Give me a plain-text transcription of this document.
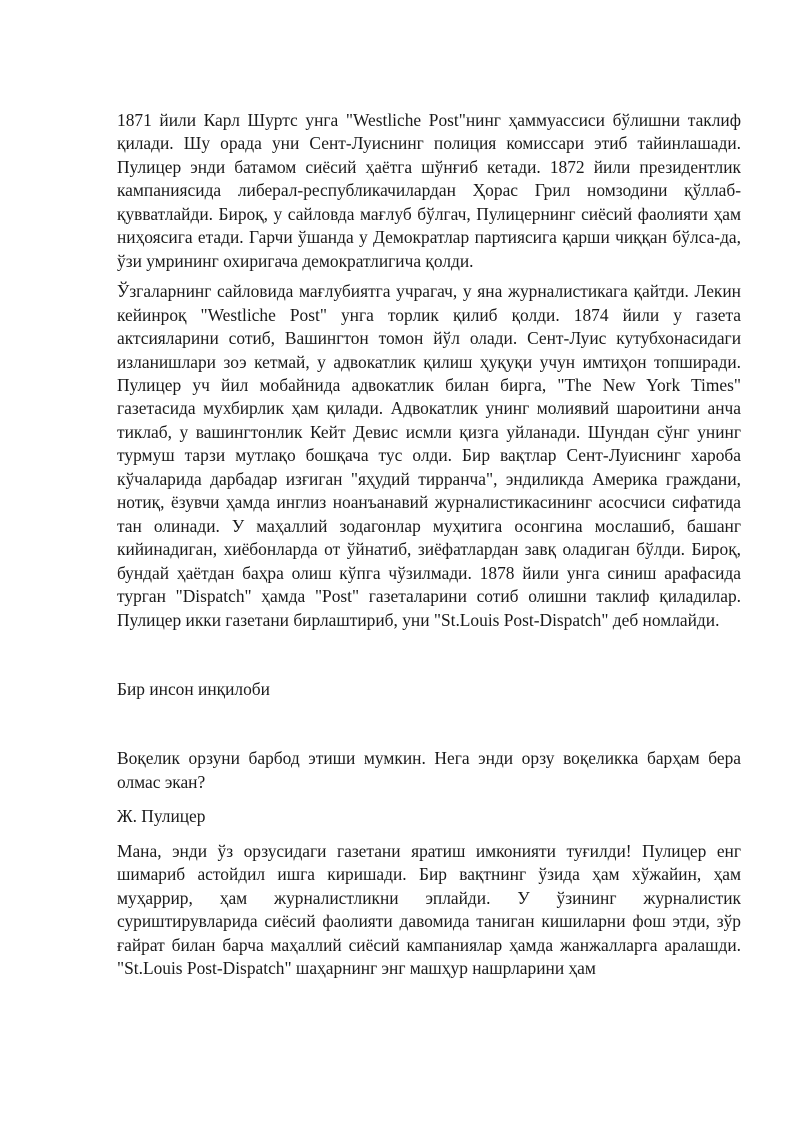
1871 йили Карл Шуртс унга "Westliche Post"нинг ҳаммуассиси бўлишни таклиф қилади. Шу орада уни Сент-Луиснинг полиция комиссари этиб тайинлашади. Пулицер энди батамом сиёсий ҳаётга шўнғиб кетади. 1872 йили президентлик кампаниясида либерал-республикачилардан Ҳорас Грил номзодини қўллаб-қувватлайди. Бироқ, у сайловда мағлуб бўлгач, Пулицернинг сиёсий фаолияти ҳам ниҳоясига етади. Гарчи ўшанда у Демократлар партиясига қарши чиққан бўлса-да, ўзи умрининг охиригача демократлигича қолди.

Ўзгаларнинг сайловида мағлубиятга учрагач, у яна журналистикага қайтди. Лекин кейинроқ "Westliche Post" унга торлик қилиб қолди. 1874 йили у газета актсияларини сотиб, Вашингтон томон йўл олади. Сент-Луис кутубхонасидаги изланишлари зоэ кетмай, у адвокатлик қилиш ҳуқуқи учун имтиҳон топширади. Пулицер уч йил мобайнида адвокатлик билан бирга, "The New York Times" газетасида мухбирлик ҳам қилади. Адвокатлик унинг молиявий шароитини анча тиклаб, у вашингтонлик Кейт Девис исмли қизга уйланади. Шундан сўнг унинг турмуш тарзи мутлақо бошқача тус олди. Бир вақтлар Сент-Луиснинг хароба кўчаларида дарбадар изғиган "яҳудий тирранча", эндиликда Америка граждани, нотиқ, ёзувчи ҳамда инглиз ноанъанавий журналистикасининг асосчиси сифатида тан олинади. У маҳаллий зодагонлар муҳитига осонгина мослашиб, башанг кийинадиган, хиёбонларда от ўйнатиб, зиёфатлардан завқ оладиган бўлди. Бироқ, бундай ҳаётдан баҳра олиш кўпга чўзилмади. 1878 йили унга синиш арафасида турган "Dispatch" ҳамда "Post" газеталарини сотиб олишни таклиф қиладилар. Пулицер икки газетани бирлаштириб, уни "St.Louis Post-Dispatch" деб номлайди.

Бир инсон инқилоби

Воқелик орзуни барбод этиши мумкин. Нега энди орзу воқеликка барҳам бера олмас экан?

Ж. Пулицер

Мана, энди ўз орзусидаги газетани яратиш имконияти туғилди! Пулицер енг шимариб астойдил ишга киришади. Бир вақтнинг ўзида ҳам хўжайин, ҳам муҳаррир, ҳам журналистликни эплайди. У ўзининг журналистик суриштирувларида сиёсий фаолияти давомида таниган кишиларни фош этди, зўр ғайрат билан барча маҳаллий сиёсий кампаниялар ҳамда жанжалларга аралашди. "St.Louis Post-Dispatch" шаҳарнинг энг машҳур нашрларини ҳам
